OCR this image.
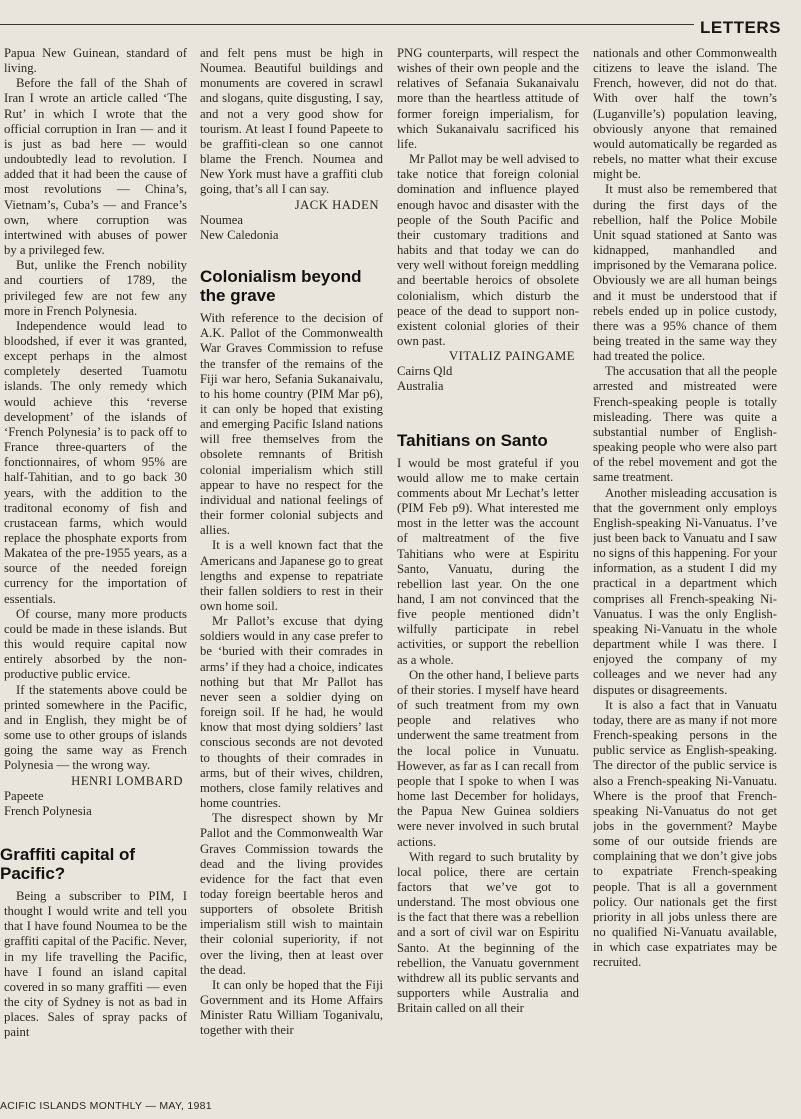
LETTERS

Papua New Guinean, standard of living.

Before the fall of the Shah of Iran I wrote an article called ‘The Rut’ in which I wrote that the official corruption in Iran — and it is just as bad here — would undoubtedly lead to revolution. I added that it had been the cause of most revolutions — China’s, Vietnam’s, Cuba’s — and France’s own, where corruption was intertwined with abuses of power by a privileged few.

But, unlike the French nobility and courtiers of 1789, the privileged few are not few any more in French Polynesia.

Independence would lead to bloodshed, if ever it was granted, except perhaps in the almost completely deserted Tuamotu islands. The only remedy which would achieve this ‘reverse development’ of the islands of ‘French Polynesia’ is to pack off to France three-quarters of the fonctionnaires, of whom 95% are half-Tahitian, and to go back 30 years, with the addition to the traditonal economy of fish and crustacean farms, which would replace the phosphate exports from Makatea of the pre-1955 years, as a source of the needed foreign currency for the importation of essentials.

Of course, many more products could be made in these islands. But this would require capital now entirely absorbed by the non-productive public ervice.

If the statements above could be printed somewhere in the Pacific, and in English, they might be of some use to other groups of islands going the same way as French Polynesia — the wrong way.

HENRI LOMBARD

Papeete

French Polynesia

Graffiti capital of Pacific?

Being a subscriber to PIM, I thought I would write and tell you that I have found Noumea to be the graffiti capital of the Pacific. Never, in my life travelling the Pacific, have I found an island capital covered in so many graffiti — even the city of Sydney is not as bad in places. Sales of spray packs of paint

and felt pens must be high in Noumea. Beautiful buildings and monuments are covered in scrawl and slogans, quite disgusting, I say, and not a very good show for tourism. At least I found Papeete to be graffiti-clean so one cannot blame the French. Noumea and New York must have a graffiti club going, that’s all I can say.

JACK HADEN

Noumea

New Caledonia

Colonialism beyond the grave

With reference to the decision of A.K. Pallot of the Commonwealth War Graves Commission to refuse the transfer of the remains of the Fiji war hero, Sefania Sukanaivalu, to his home country (PIM Mar p6), it can only be hoped that existing and emerging Pacific Island nations will free themselves from the obsolete remnants of British colonial imperialism which still appear to have no respect for the individual and national feelings of their former colonial subjects and allies.

It is a well known fact that the Americans and Japanese go to great lengths and expense to repatriate their fallen soldiers to rest in their own home soil.

Mr Pallot’s excuse that dying soldiers would in any case prefer to be ‘buried with their comrades in arms’ if they had a choice, indicates nothing but that Mr Pallot has never seen a soldier dying on foreign soil. If he had, he would know that most dying soldiers’ last conscious seconds are not devoted to thoughts of their comrades in arms, but of their wives, children, mothers, close family relatives and home countries.

The disrespect shown by Mr Pallot and the Commonwealth War Graves Commission towards the dead and the living provides evidence for the fact that even today foreign beertable heros and supporters of obsolete British imperialism still wish to maintain their colonial superiority, if not over the living, then at least over the dead.

It can only be hoped that the Fiji Government and its Home Affairs Minister Ratu William Toganivalu, together with their

PNG counterparts, will respect the wishes of their own people and the relatives of Sefanaia Sukanaivalu more than the heartless attitude of former foreign imperialism, for which Sukanaivalu sacrificed his life.

Mr Pallot may be well advised to take notice that foreign colonial domination and influence played enough havoc and disaster with the people of the South Pacific and their customary traditions and habits and that today we can do very well without foreign meddling and beertable heroics of obsolete colonialism, which disturb the peace of the dead to support non-existent colonial glories of their own past.

VITALIZ PAINGAME

Cairns Qld

Australia

Tahitians on Santo

I would be most grateful if you would allow me to make certain comments about Mr Lechat’s letter (PIM Feb p9). What interested me most in the letter was the account of maltreatment of the five Tahitians who were at Espiritu Santo, Vanuatu, during the rebellion last year. On the one hand, I am not convinced that the five people mentioned didn’t wilfully participate in rebel activities, or support the rebellion as a whole.

On the other hand, I believe parts of their stories. I myself have heard of such treatment from my own people and relatives who underwent the same treatment from the local police in Vunuatu. However, as far as I can recall from people that I spoke to when I was home last December for holidays, the Papua New Guinea soldiers were never involved in such brutal actions.

With regard to such brutality by local police, there are certain factors that we’ve got to understand. The most obvious one is the fact that there was a rebellion and a sort of civil war on Espiritu Santo. At the beginning of the rebellion, the Vanuatu government withdrew all its public servants and supporters while Australia and Britain called on all their

nationals and other Commonwealth citizens to leave the island. The French, however, did not do that. With over half the town’s (Luganville’s) population leaving, obviously anyone that remained would automatically be regarded as rebels, no matter what their excuse might be.

It must also be remembered that during the first days of the rebellion, half the Police Mobile Unit squad stationed at Santo was kidnapped, manhandled and imprisoned by the Vemarana police. Obviously we are all human beings and it must be understood that if rebels ended up in police custody, there was a 95% chance of them being treated in the same way they had treated the police.

The accusation that all the people arrested and mistreated were French-speaking people is totally misleading. There was quite a substantial number of English-speaking people who were also part of the rebel movement and got the same treatment.

Another misleading accusation is that the government only employs English-speaking Ni-Vanuatus. I’ve just been back to Vanuatu and I saw no signs of this happening. For your information, as a student I did my practical in a department which comprises all French-speaking Ni-Vanuatus. I was the only English-speaking Ni-Vanuatu in the whole department while I was there. I enjoyed the company of my colleages and we never had any disputes or disagreements.

It is also a fact that in Vanuatu today, there are as many if not more French-speaking persons in the public service as English-speaking. The director of the public service is also a French-speaking Ni-Vanuatu. Where is the proof that French-speaking Ni-Vanuatus do not get jobs in the government? Maybe some of our outside friends are complaining that we don’t give jobs to expatriate French-speaking people. That is all a government policy. Our nationals get the first priority in all jobs unless there are no qualified Ni-Vanuatu available, in which case expatriates may be recruited.

ACIFIC ISLANDS MONTHLY — MAY, 1981
